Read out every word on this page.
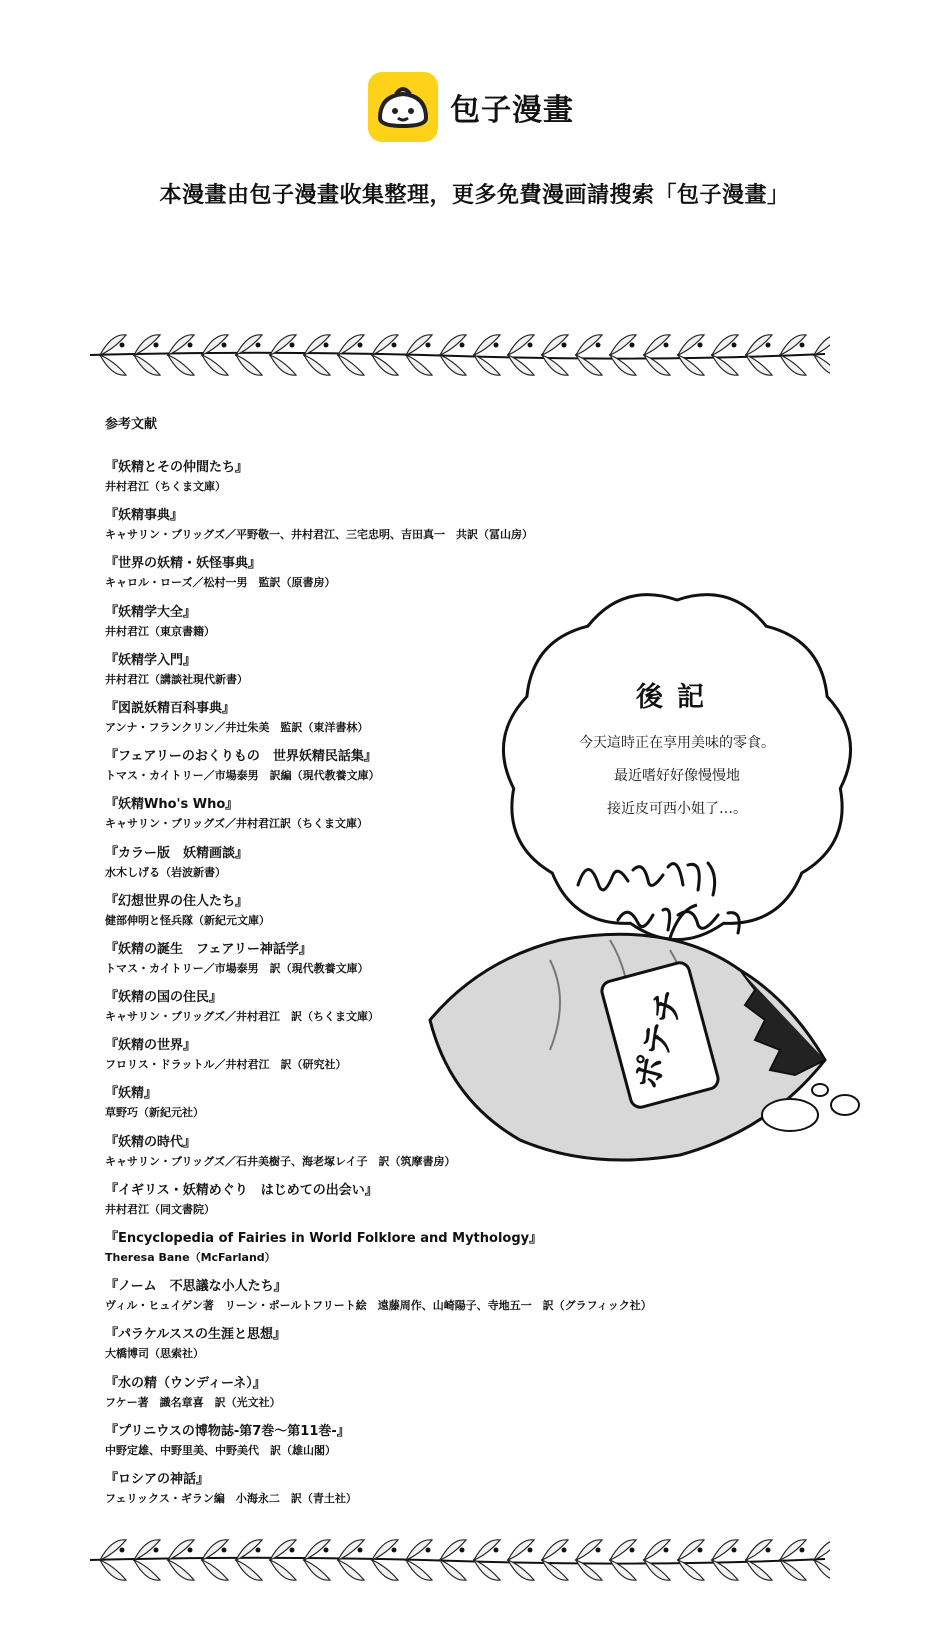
包子漫畫
本漫畫由包子漫畫收集整理，更多免費漫画請搜索「包子漫畫」
参考文献
『妖精とその仲間たち』
井村君江（ちくま文庫）
『妖精事典』
キャサリン・ブリッグズ／平野敬一、井村君江、三宅忠明、吉田真一　共訳（冨山房）
『世界の妖精・妖怪事典』
キャロル・ローズ／松村一男　監訳（原書房）
『妖精学大全』
井村君江（東京書籍）
『妖精学入門』
井村君江（講談社現代新書）
『図説妖精百科事典』
アンナ・フランクリン／井辻朱美　監訳（東洋書林）
『フェアリーのおくりもの　世界妖精民話集』
トマス・カイトリー／市場泰男　訳編（現代教養文庫）
『妖精Who's Who』
キャサリン・ブリッグズ／井村君江訳（ちくま文庫）
『カラー版　妖精画談』
水木しげる（岩波新書）
『幻想世界の住人たち』
健部伸明と怪兵隊（新紀元文庫）
『妖精の誕生　フェアリー神話学』
トマス・カイトリー／市場泰男　訳（現代教養文庫）
『妖精の国の住民』
キャサリン・ブリッグズ／井村君江　訳（ちくま文庫）
『妖精の世界』
フロリス・ドラットル／井村君江　訳（研究社）
『妖精』
草野巧（新紀元社）
『妖精の時代』
キャサリン・ブリッグズ／石井美樹子、海老塚レイ子　訳（筑摩書房）
『イギリス・妖精めぐり　はじめての出会い』
井村君江（同文書院）
『Encyclopedia of Fairies in World Folklore and Mythology』
Theresa Bane（McFarland）
『ノーム　不思議な小人たち』
ヴィル・ヒュイゲン著　リーン・ポールトフリート絵　遠藤周作、山崎陽子、寺地五一　訳（グラフィック社）
『パラケルススの生涯と思想』
大橋博司（思索社）
『水の精（ウンディーネ）』
フケー著　識名章喜　訳（光文社）
『プリニウスの博物誌-第7巻～第11巻-』
中野定雄、中野里美、中野美代　訳（雄山閣）
『ロシアの神話』
フェリックス・ギラン編　小海永二　訳（青土社）
後記
今天這時正在享用美味的零食。
最近嗜好好像慢慢地
接近皮可西小姐了…。
ポテチ
